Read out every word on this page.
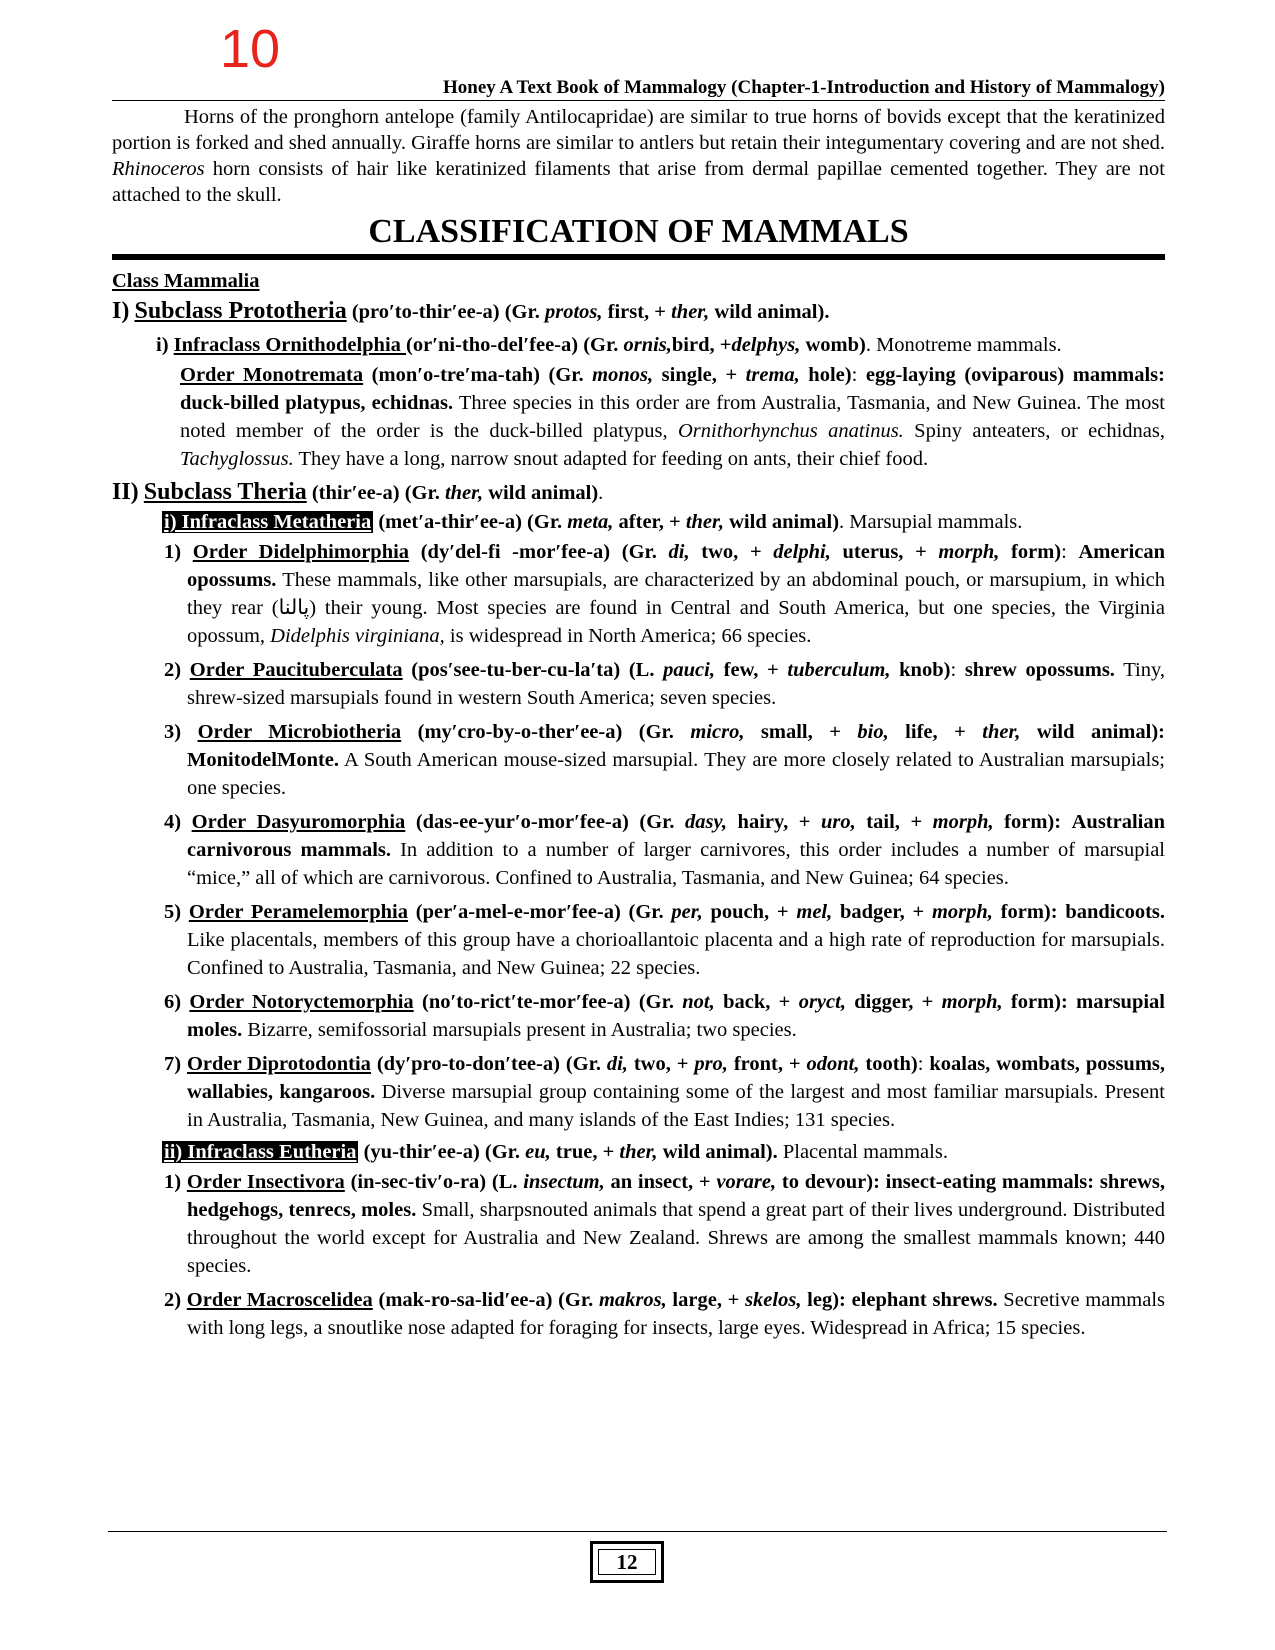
10
Honey A Text Book of Mammalogy (Chapter-1-Introduction and History of Mammalogy)

Horns of the pronghorn antelope (family Antilocapridae) are similar to true horns of bovids except that the keratinized portion is forked and shed annually. Giraffe horns are similar to antlers but retain their integumentary covering and are not shed. Rhinoceros horn consists of hair like keratinized filaments that arise from dermal papillae cemented together. They are not attached to the skull.

CLASSIFICATION OF MAMMALS
Class Mammalia
I) Subclass Prototheria (pro′to-thir′ee-a) (Gr. protos, first, + ther, wild animal).
i) Infraclass Ornithodelphia (or′ni-tho-del′fee-a) (Gr. ornis,bird, +delphys, womb). Monotreme mammals.
Order Monotremata (mon′o-tre′ma-tah) (Gr. monos, single, + trema, hole): egg-laying (oviparous) mammals: duck-billed platypus, echidnas. Three species in this order are from Australia, Tasmania, and New Guinea. The most noted member of the order is the duck-billed platypus, Ornithorhynchus anatinus. Spiny anteaters, or echidnas, Tachyglossus. They have a long, narrow snout adapted for feeding on ants, their chief food.
II) Subclass Theria (thir′ee-a) (Gr. ther, wild animal).
i) Infraclass Metatheria (met′a-thir′ee-a) (Gr. meta, after, + ther, wild animal). Marsupial mammals.
1) Order Didelphimorphia (dy′del-fi -mor′fee-a) (Gr. di, two, + delphi, uterus, + morph, form): American opossums. These mammals, like other marsupials, are characterized by an abdominal pouch, or marsupium, in which they rear (پالنا) their young. Most species are found in Central and South America, but one species, the Virginia opossum, Didelphis virginiana, is widespread in North America; 66 species.
2) Order Paucituberculata (pos′see-tu-ber-cu-la′ta) (L. pauci, few, + tuberculum, knob): shrew opossums. Tiny, shrew-sized marsupials found in western South America; seven species.
3) Order Microbiotheria (my′cro-by-o-ther′ee-a) (Gr. micro, small, + bio, life, + ther, wild animal): MonitodelMonte. A South American mouse-sized marsupial. They are more closely related to Australian marsupials; one species.
4) Order Dasyuromorphia (das-ee-yur′o-mor′fee-a) (Gr. dasy, hairy, + uro, tail, + morph, form): Australian carnivorous mammals. In addition to a number of larger carnivores, this order includes a number of marsupial “mice,” all of which are carnivorous. Confined to Australia, Tasmania, and New Guinea; 64 species.
5) Order Peramelemorphia (per′a-mel-e-mor′fee-a) (Gr. per, pouch, + mel, badger, + morph, form): bandicoots. Like placentals, members of this group have a chorioallantoic placenta and a high rate of reproduction for marsupials. Confined to Australia, Tasmania, and New Guinea; 22 species.
6) Order Notoryctemorphia (no′to-rict′te-mor′fee-a) (Gr. not, back, + oryct, digger, + morph, form): marsupial moles. Bizarre, semifossorial marsupials present in Australia; two species.
7) Order Diprotodontia (dy′pro-to-don′tee-a) (Gr. di, two, + pro, front, + odont, tooth): koalas, wombats, possums, wallabies, kangaroos. Diverse marsupial group containing some of the largest and most familiar marsupials. Present in Australia, Tasmania, New Guinea, and many islands of the East Indies; 131 species.
ii) Infraclass Eutheria (yu-thir′ee-a) (Gr. eu, true, + ther, wild animal). Placental mammals.
1) Order Insectivora (in-sec-tiv′o-ra) (L. insectum, an insect, + vorare, to devour): insect-eating mammals: shrews, hedgehogs, tenrecs, moles. Small, sharpsnouted animals that spend a great part of their lives underground. Distributed throughout the world except for Australia and New Zealand. Shrews are among the smallest mammals known; 440 species.
2) Order Macroscelidea (mak-ro-sa-lid′ee-a) (Gr. makros, large, + skelos, leg): elephant shrews. Secretive mammals with long legs, a snoutlike nose adapted for foraging for insects, large eyes. Widespread in Africa; 15 species.
12
